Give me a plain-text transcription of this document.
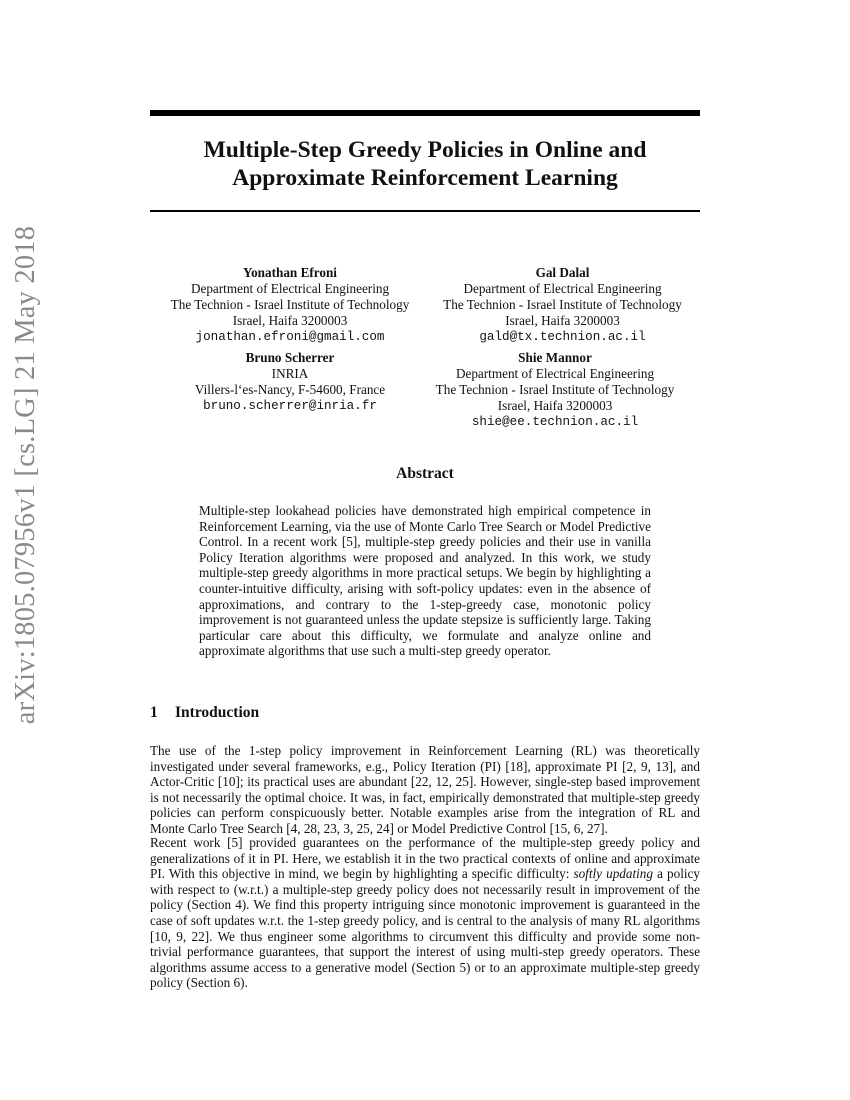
arXiv:1805.07956v1 [cs.LG] 21 May 2018
Multiple-Step Greedy Policies in Online and
Approximate Reinforcement Learning
Yonathan Efroni
Department of Electrical Engineering
The Technion - Israel Institute of Technology
Israel, Haifa 3200003
jonathan.efroni@gmail.com
Gal Dalal
Department of Electrical Engineering
The Technion - Israel Institute of Technology
Israel, Haifa 3200003
gald@tx.technion.ac.il
Bruno Scherrer
INRIA
Villers-l‘es-Nancy, F-54600, France
bruno.scherrer@inria.fr
Shie Mannor
Department of Electrical Engineering
The Technion - Israel Institute of Technology
Israel, Haifa 3200003
shie@ee.technion.ac.il
Abstract
Multiple-step lookahead policies have demonstrated high empirical competence in Reinforcement Learning, via the use of Monte Carlo Tree Search or Model Predictive Control. In a recent work [5], multiple-step greedy policies and their use in vanilla Policy Iteration algorithms were proposed and analyzed. In this work, we study multiple-step greedy algorithms in more practical setups. We begin by highlighting a counter-intuitive difficulty, arising with soft-policy updates: even in the absence of approximations, and contrary to the 1-step-greedy case, monotonic policy improvement is not guaranteed unless the update stepsize is sufficiently large. Taking particular care about this difficulty, we formulate and analyze online and approximate algorithms that use such a multi-step greedy operator.
1 Introduction
The use of the 1-step policy improvement in Reinforcement Learning (RL) was theoretically investigated under several frameworks, e.g., Policy Iteration (PI) [18], approximate PI [2, 9, 13], and Actor-Critic [10]; its practical uses are abundant [22, 12, 25]. However, single-step based improvement is not necessarily the optimal choice. It was, in fact, empirically demonstrated that multiple-step greedy policies can perform conspicuously better. Notable examples arise from the integration of RL and Monte Carlo Tree Search [4, 28, 23, 3, 25, 24] or Model Predictive Control [15, 6, 27].
Recent work [5] provided guarantees on the performance of the multiple-step greedy policy and generalizations of it in PI. Here, we establish it in the two practical contexts of online and approximate PI. With this objective in mind, we begin by highlighting a specific difficulty: softly updating a policy with respect to (w.r.t.) a multiple-step greedy policy does not necessarily result in improvement of the policy (Section 4). We find this property intriguing since monotonic improvement is guaranteed in the case of soft updates w.r.t. the 1-step greedy policy, and is central to the analysis of many RL algorithms [10, 9, 22]. We thus engineer some algorithms to circumvent this difficulty and provide some non-trivial performance guarantees, that support the interest of using multi-step greedy operators. These algorithms assume access to a generative model (Section 5) or to an approximate multiple-step greedy policy (Section 6).
